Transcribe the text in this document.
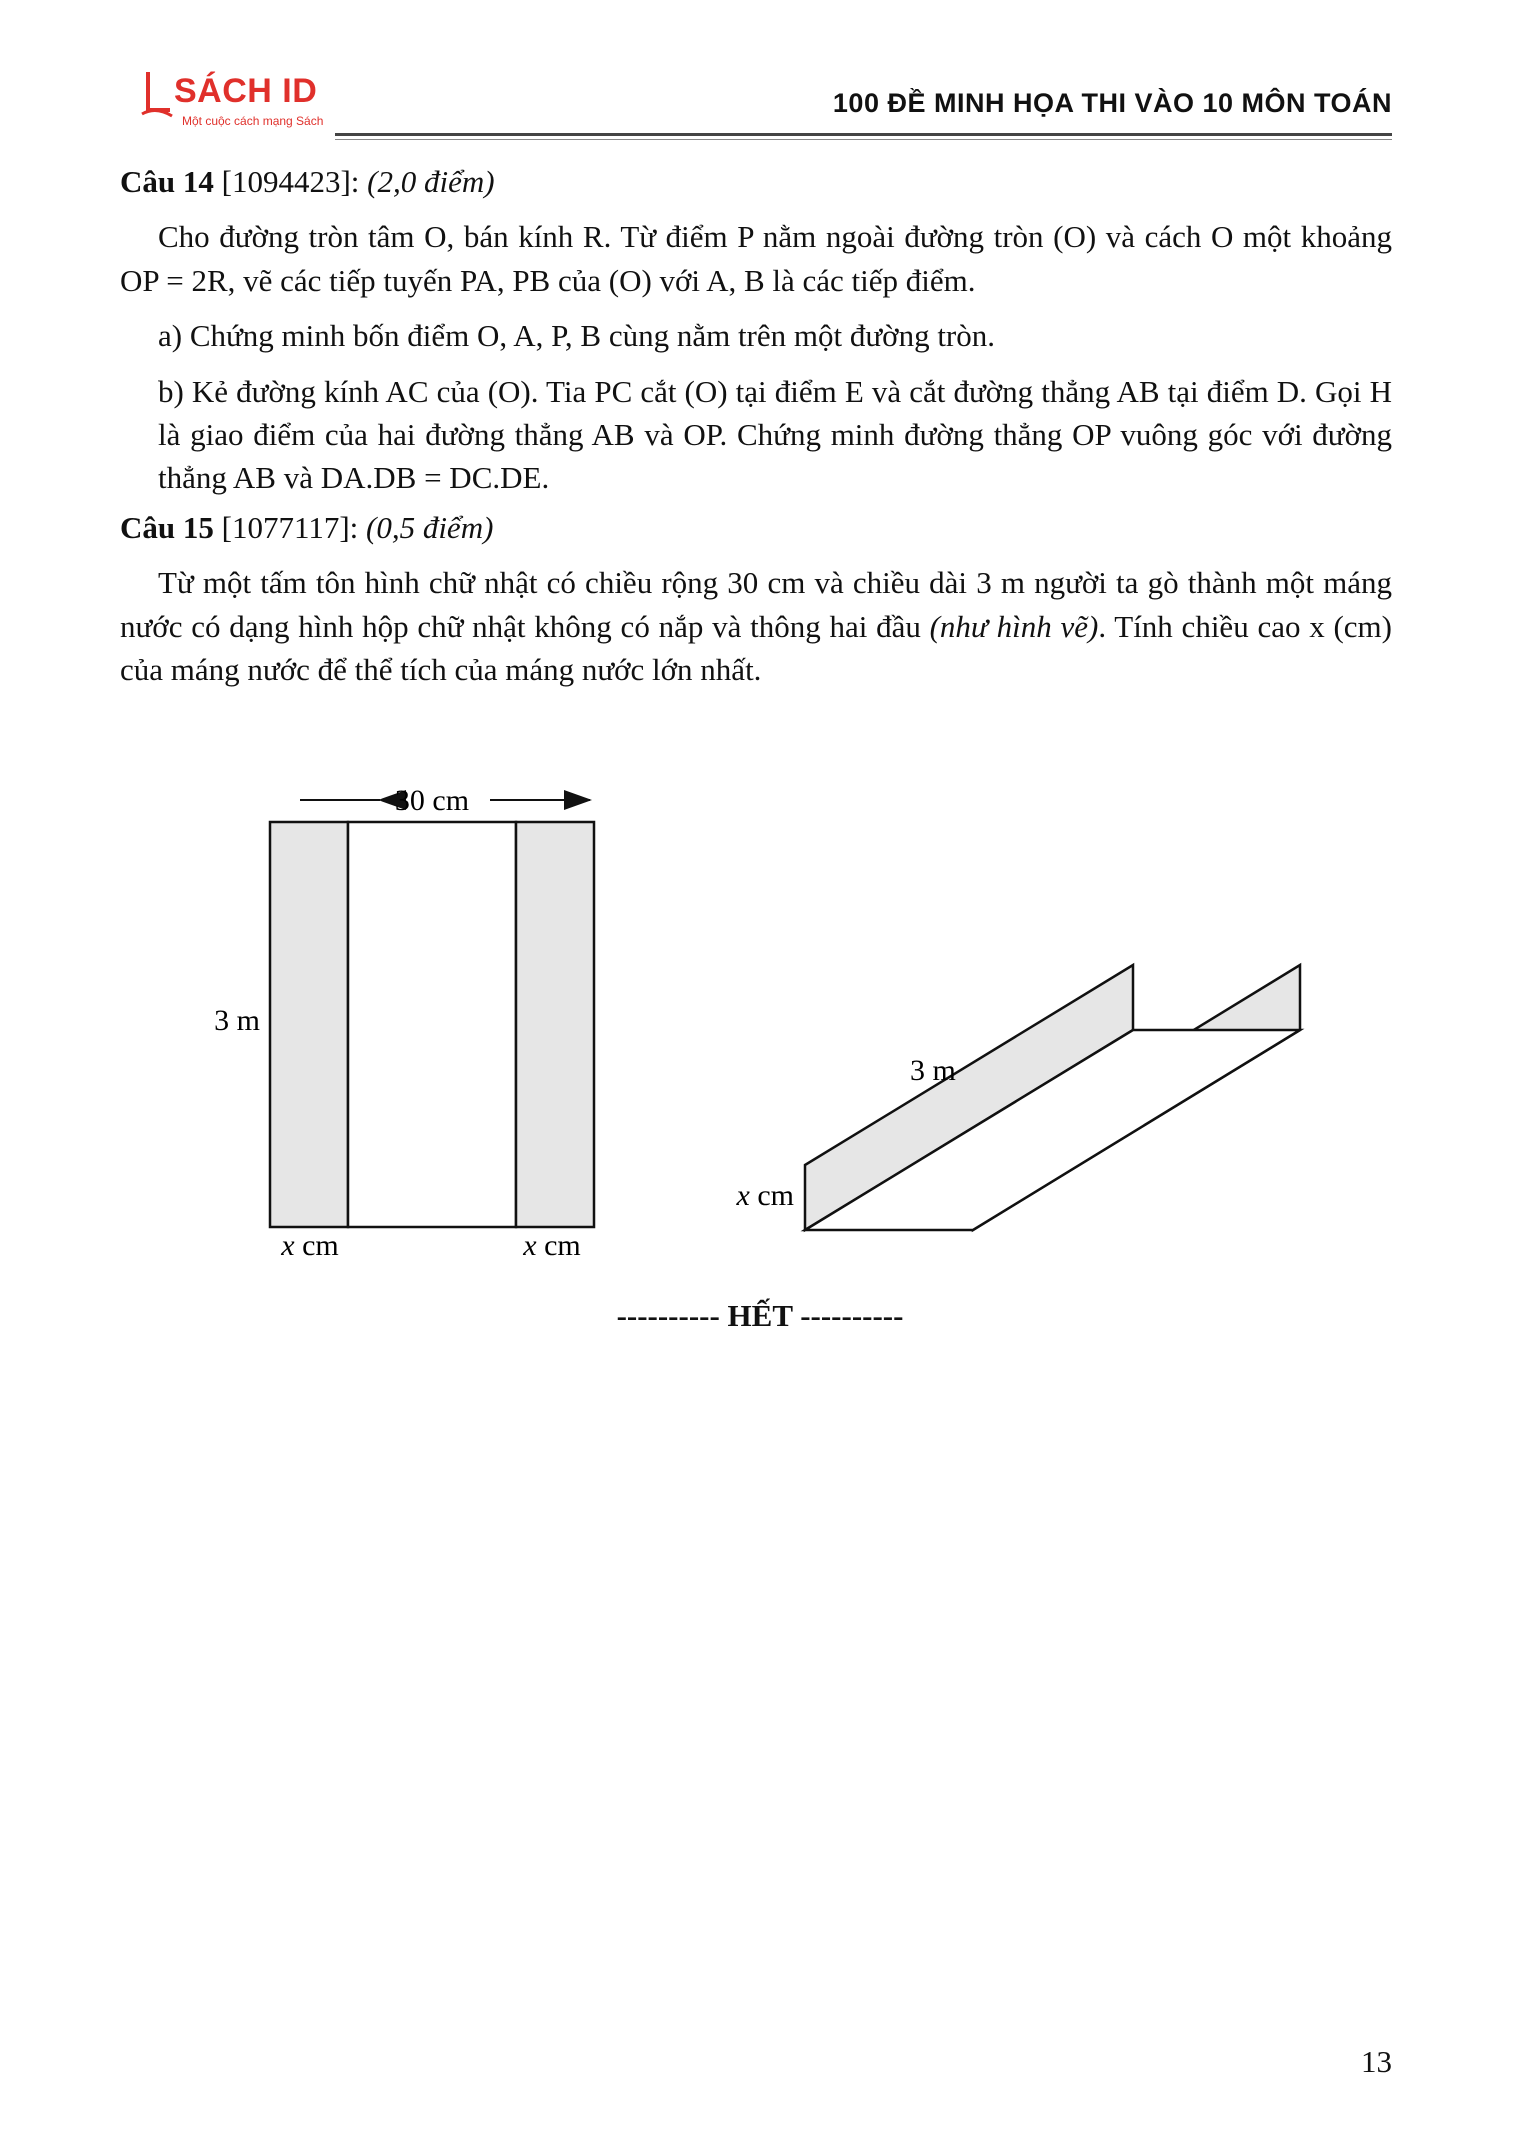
SÁCH ID
Một cuộc cách mạng Sách
100 ĐỀ MINH HỌA THI VÀO 10 MÔN TOÁN

Câu 14 [1094423]: (2,0 điểm)

Cho đường tròn tâm O, bán kính R. Từ điểm P nằm ngoài đường tròn (O) và cách O một khoảng OP = 2R, vẽ các tiếp tuyến PA, PB của (O) với A, B là các tiếp điểm.

a) Chứng minh bốn điểm O, A, P, B cùng nằm trên một đường tròn.

b) Kẻ đường kính AC của (O). Tia PC cắt (O) tại điểm E và cắt đường thẳng AB tại điểm D. Gọi H là giao điểm của hai đường thẳng AB và OP. Chứng minh đường thẳng OP vuông góc với đường thẳng AB và DA.DB = DC.DE.

Câu 15 [1077117]: (0,5 điểm)

Từ một tấm tôn hình chữ nhật có chiều rộng 30 cm và chiều dài 3 m người ta gò thành một máng nước có dạng hình hộp chữ nhật không có nắp và thông hai đầu (như hình vẽ). Tính chiều cao x (cm) của máng nước để thể tích của máng nước lớn nhất.

30 cm
3 m
x cm	x cm
3 m
x cm
---------- HẾT ----------
13
